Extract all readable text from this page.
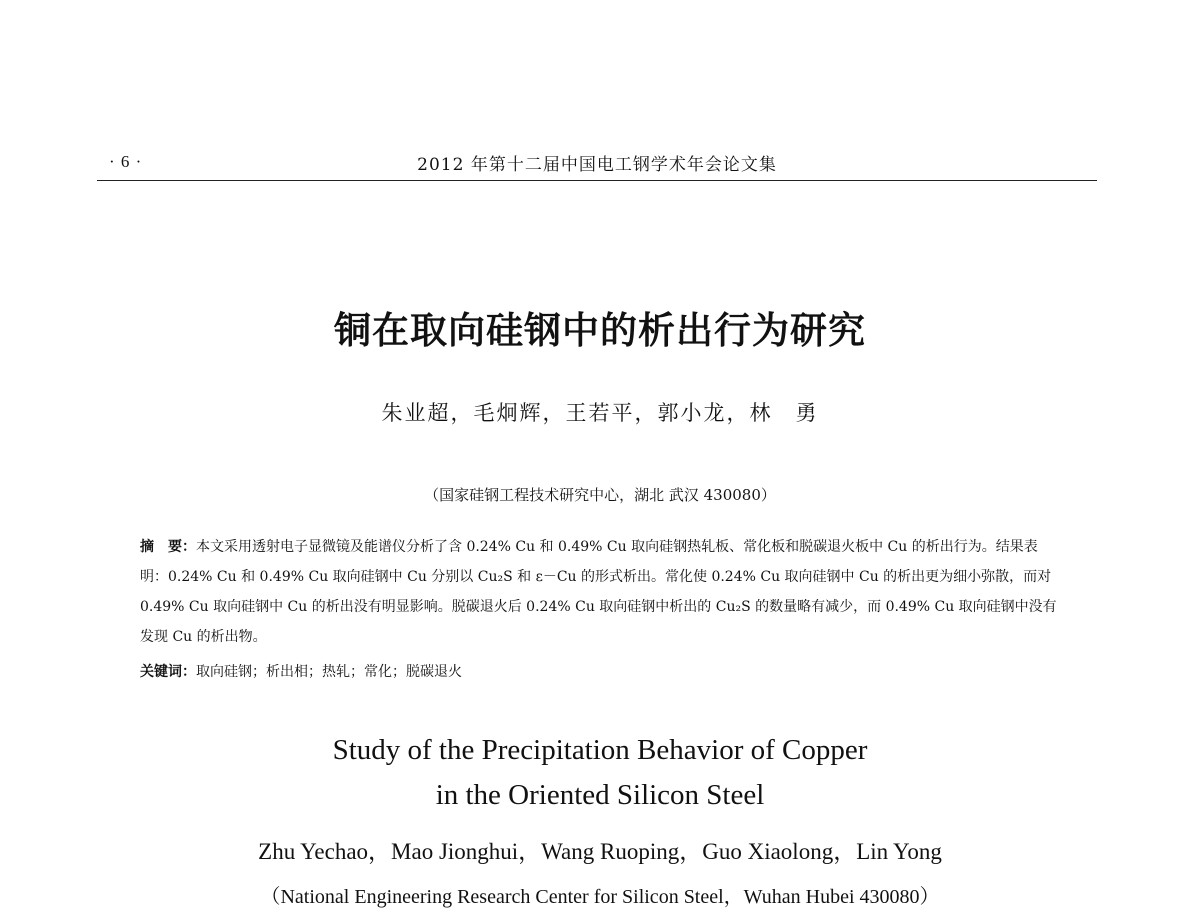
· 6 ·	2012 年第十二届中国电工钢学术年会论文集
铜在取向硅钢中的析出行为研究
朱业超，毛炯辉，王若平，郭小龙，林　勇
（国家硅钢工程技术研究中心，湖北 武汉 430080）
摘　要：本文采用透射电子显微镜及能谱仪分析了含 0.24% Cu 和 0.49% Cu 取向硅钢热轧板、常化板和脱碳退火板中 Cu 的析出行为。结果表明：0.24% Cu 和 0.49% Cu 取向硅钢中 Cu 分别以 Cu₂S 和 ε－Cu 的形式析出。常化使 0.24% Cu 取向硅钢中 Cu 的析出更为细小弥散，而对 0.49% Cu 取向硅钢中 Cu 的析出没有明显影响。脱碳退火后 0.24% Cu 取向硅钢中析出的 Cu₂S 的数量略有减少，而 0.49% Cu 取向硅钢中没有发现 Cu 的析出物。
关键词：取向硅钢；析出相；热轧；常化；脱碳退火
Study of the Precipitation Behavior of Copper
in the Oriented Silicon Steel
Zhu Yechao，Mao Jionghui，Wang Ruoping，Guo Xiaolong，Lin Yong
（National Engineering Research Center for Silicon Steel，Wuhan Hubei 430080）
